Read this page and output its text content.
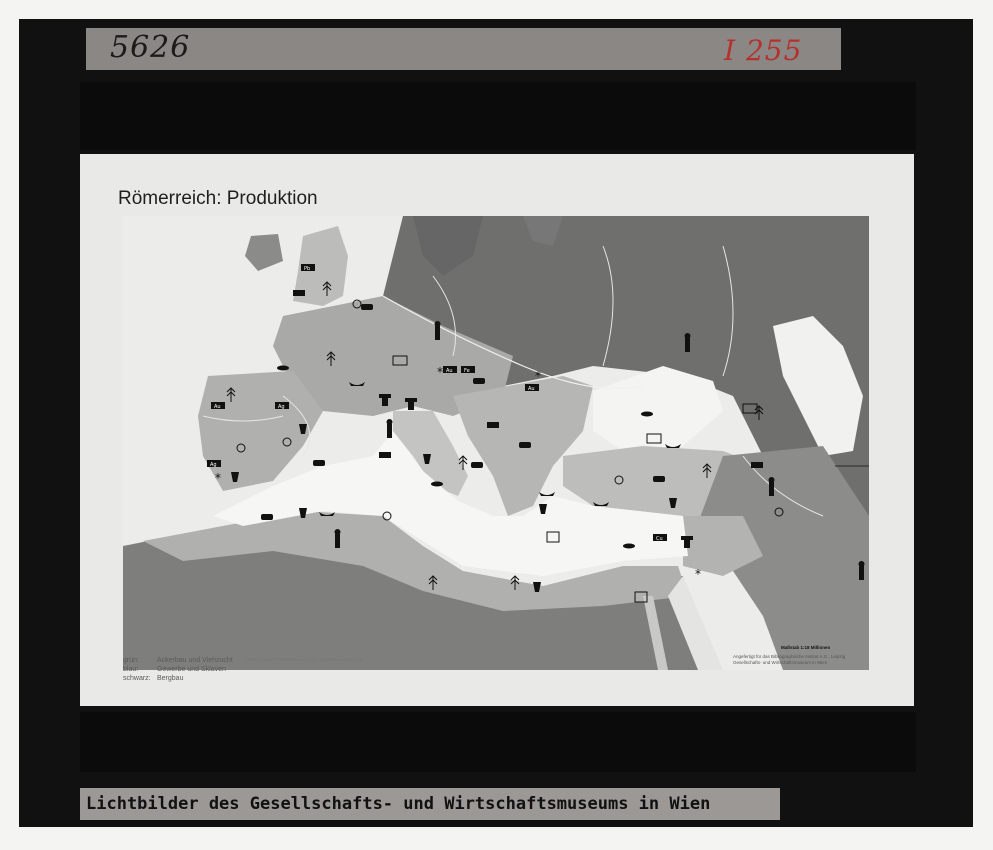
5626	I 255
Römerreich: Produktion
Pb
Au	Ag
Ag
Au Fe
Au
Cu
*	*
*
*
grün:	Ackerbau und Viehzucht
blau:	Gewerbe und Sklaven
schwarz: Bergbau
Grenzen des Römerreiches in seiner größten Ausdehnung
Maßstab 1:18 Millionen
Angefertigt für das Bibliographische Institut A.G., Leipzig
Gesellschafts- und Wirtschaftsmuseum in Wien
Lichtbilder des Gesellschafts- und Wirtschaftsmuseums in Wien
